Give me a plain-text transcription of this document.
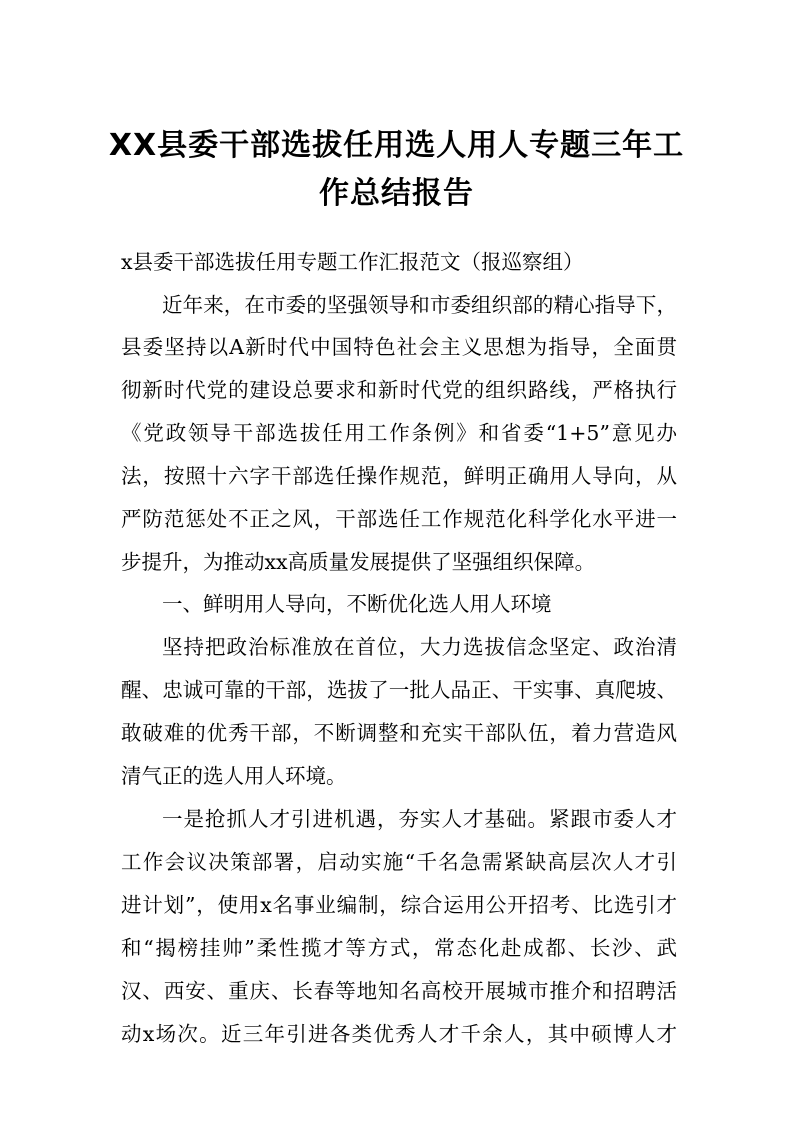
XX县委干部选拔任用选人用人专题三年工
作总结报告
x县委干部选拔任用专题工作汇报范文（报巡察组）
近年来，在市委的坚强领导和市委组织部的精心指导下，
县委坚持以A新时代中国特色社会主义思想为指导，全面贯
彻新时代党的建设总要求和新时代党的组织路线，严格执行
《党政领导干部选拔任用工作条例》和省委“1+5”意见办
法，按照十六字干部选任操作规范，鲜明正确用人导向，从
严防范惩处不正之风，干部选任工作规范化科学化水平进一
步提升，为推动xx高质量发展提供了坚强组织保障。
一、鲜明用人导向，不断优化选人用人环境
坚持把政治标准放在首位，大力选拔信念坚定、政治清
醒、忠诚可靠的干部，选拔了一批人品正、干实事、真爬坡、
敢破难的优秀干部，不断调整和充实干部队伍，着力营造风
清气正的选人用人环境。
一是抢抓人才引进机遇，夯实人才基础。紧跟市委人才
工作会议决策部署，启动实施“千名急需紧缺高层次人才引
进计划”，使用x名事业编制，综合运用公开招考、比选引才
和“揭榜挂帅”柔性揽才等方式，常态化赴成都、长沙、武
汉、西安、重庆、长春等地知名高校开展城市推介和招聘活
动x场次。近三年引进各类优秀人才千余人，其中硕博人才
